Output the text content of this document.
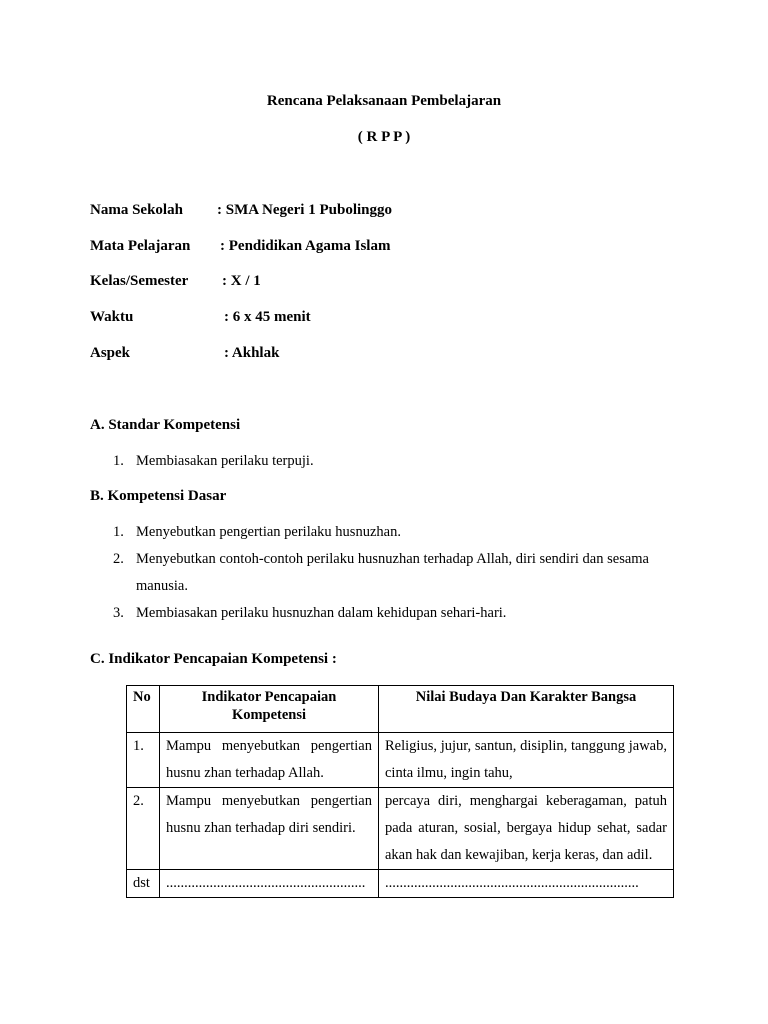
Rencana Pelaksanaan Pembelajaran
( R P P )
Nama Sekolah : SMA Negeri 1 Pubolinggo
Mata Pelajaran : Pendidikan Agama Islam
Kelas/Semester : X / 1
Waktu	: 6 x 45 menit
Aspek	: Akhlak
A. Standar Kompetensi
1. Membiasakan perilaku terpuji.
B. Kompetensi Dasar
1. Menyebutkan pengertian perilaku husnuzhan.
2. Menyebutkan contoh-contoh perilaku husnuzhan terhadap Allah, diri sendiri dan sesama manusia.
3. Membiasakan perilaku husnuzhan dalam kehidupan sehari-hari.
C. Indikator Pencapaian Kompetensi :
No	Indikator Pencapaian Kompetensi	Nilai Budaya Dan Karakter Bangsa
1.	Mampu menyebutkan pengertian husnu zhan terhadap Allah.	Religius, jujur, santun, disiplin, tanggung jawab, cinta ilmu, ingin tahu,
2.	Mampu menyebutkan pengertian husnu zhan terhadap diri sendiri.	percaya diri, menghargai keberagaman, patuh pada aturan, sosial, bergaya hidup sehat, sadar akan hak dan kewajiban, kerja keras, dan adil.
dst	.......................................................	......................................................................
